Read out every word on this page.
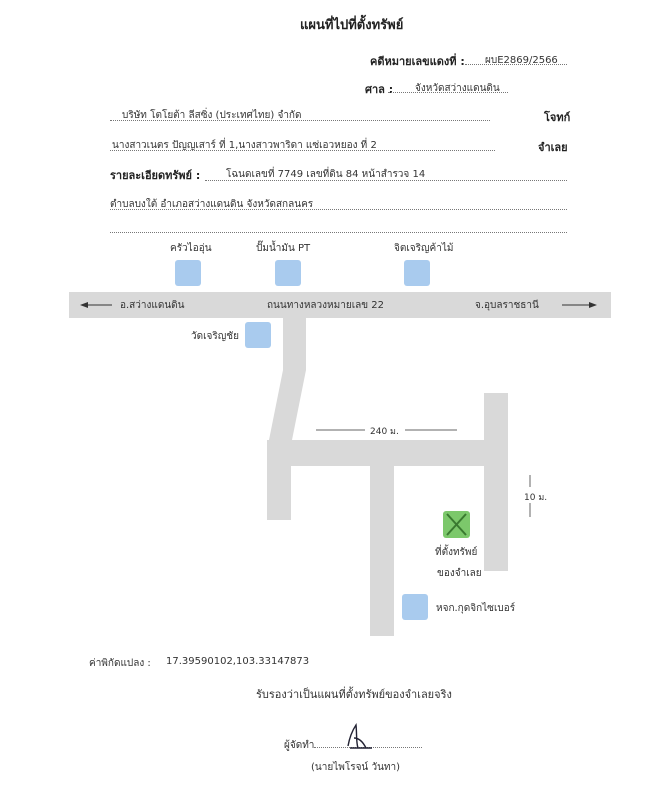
แผนที่ไปที่ตั้งทรัพย์
คดีหมายเลขแดงที่ : ผบE2869/2566
ศาล : จังหวัดสว่างแดนดิน
บริษัท โตโยต้า ลีสซิ่ง (ประเทศไทย) จำกัด	โจทก์
นางสาวเนตร ปัญญเสาร์ ที่ 1,นางสาวพาริดา แซ่เอวหยอง ที่ 2	จำเลย
รายละเอียดทรัพย์ :	โฉนดเลขที่ 7749 เลขที่ดิน 84 หน้าสำรวจ 14
ตำบลบงใต้ อำเภอสว่างแดนดิน จังหวัดสกลนคร
ครัวไออุ่น	ปั๊มน้ำมัน PT	จิตเจริญค้าไม้
อ.สว่างแดนดิน	ถนนทางหลวงหมายเลข 22	จ.อุบลราชธานี
วัดเจริญชัย
240 ม.
10 ม.
ที่ตั้งทรัพย์
ของจำเลย
หจก.กุดจิกไซเบอร์
ค่าพิกัดแปลง : 17.39590102,103.33147873
รับรองว่าเป็นแผนที่ตั้งทรัพย์ของจำเลยจริง
ผู้จัดทำ
(นายไพโรจน์ วันทา)
